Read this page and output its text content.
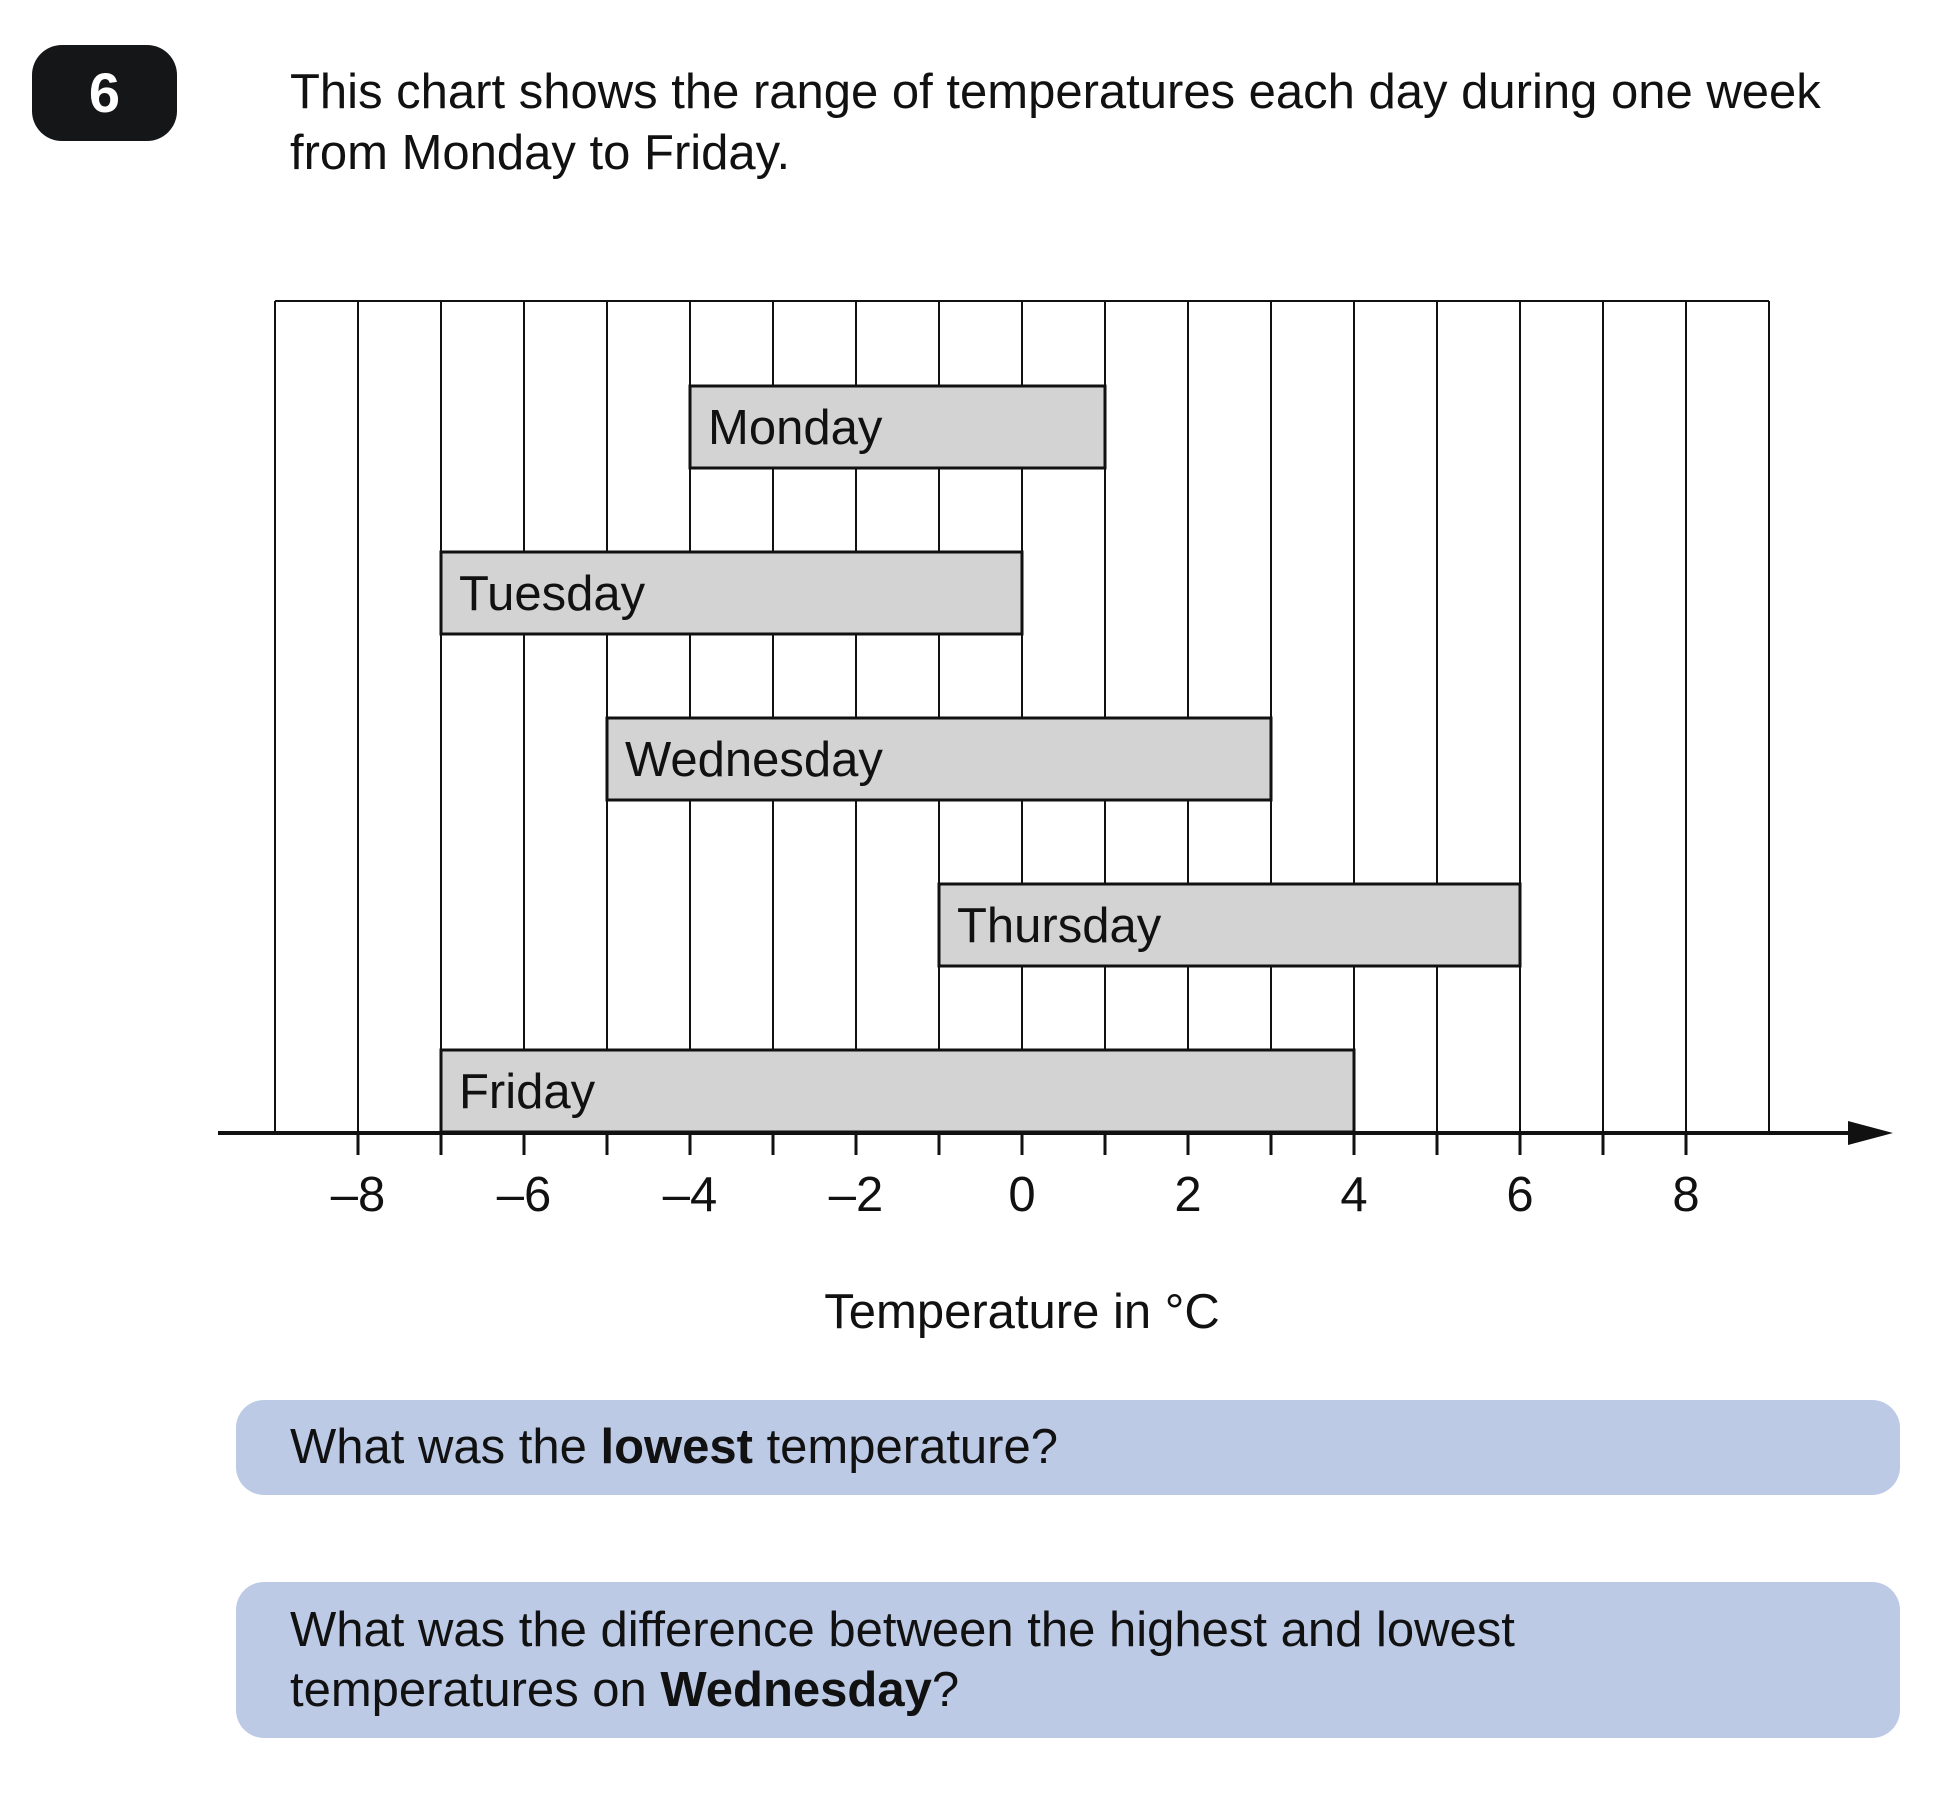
6	This chart shows the range of temperatures each day during one week from Monday to Friday.
Monday
Tuesday
Wednesday
Thursday
Friday
–8 –6 –4 –2	0	2	4	6	8
Temperature in °C
What was the lowest temperature?
What was the difference between the highest and lowest
temperatures on Wednesday?
